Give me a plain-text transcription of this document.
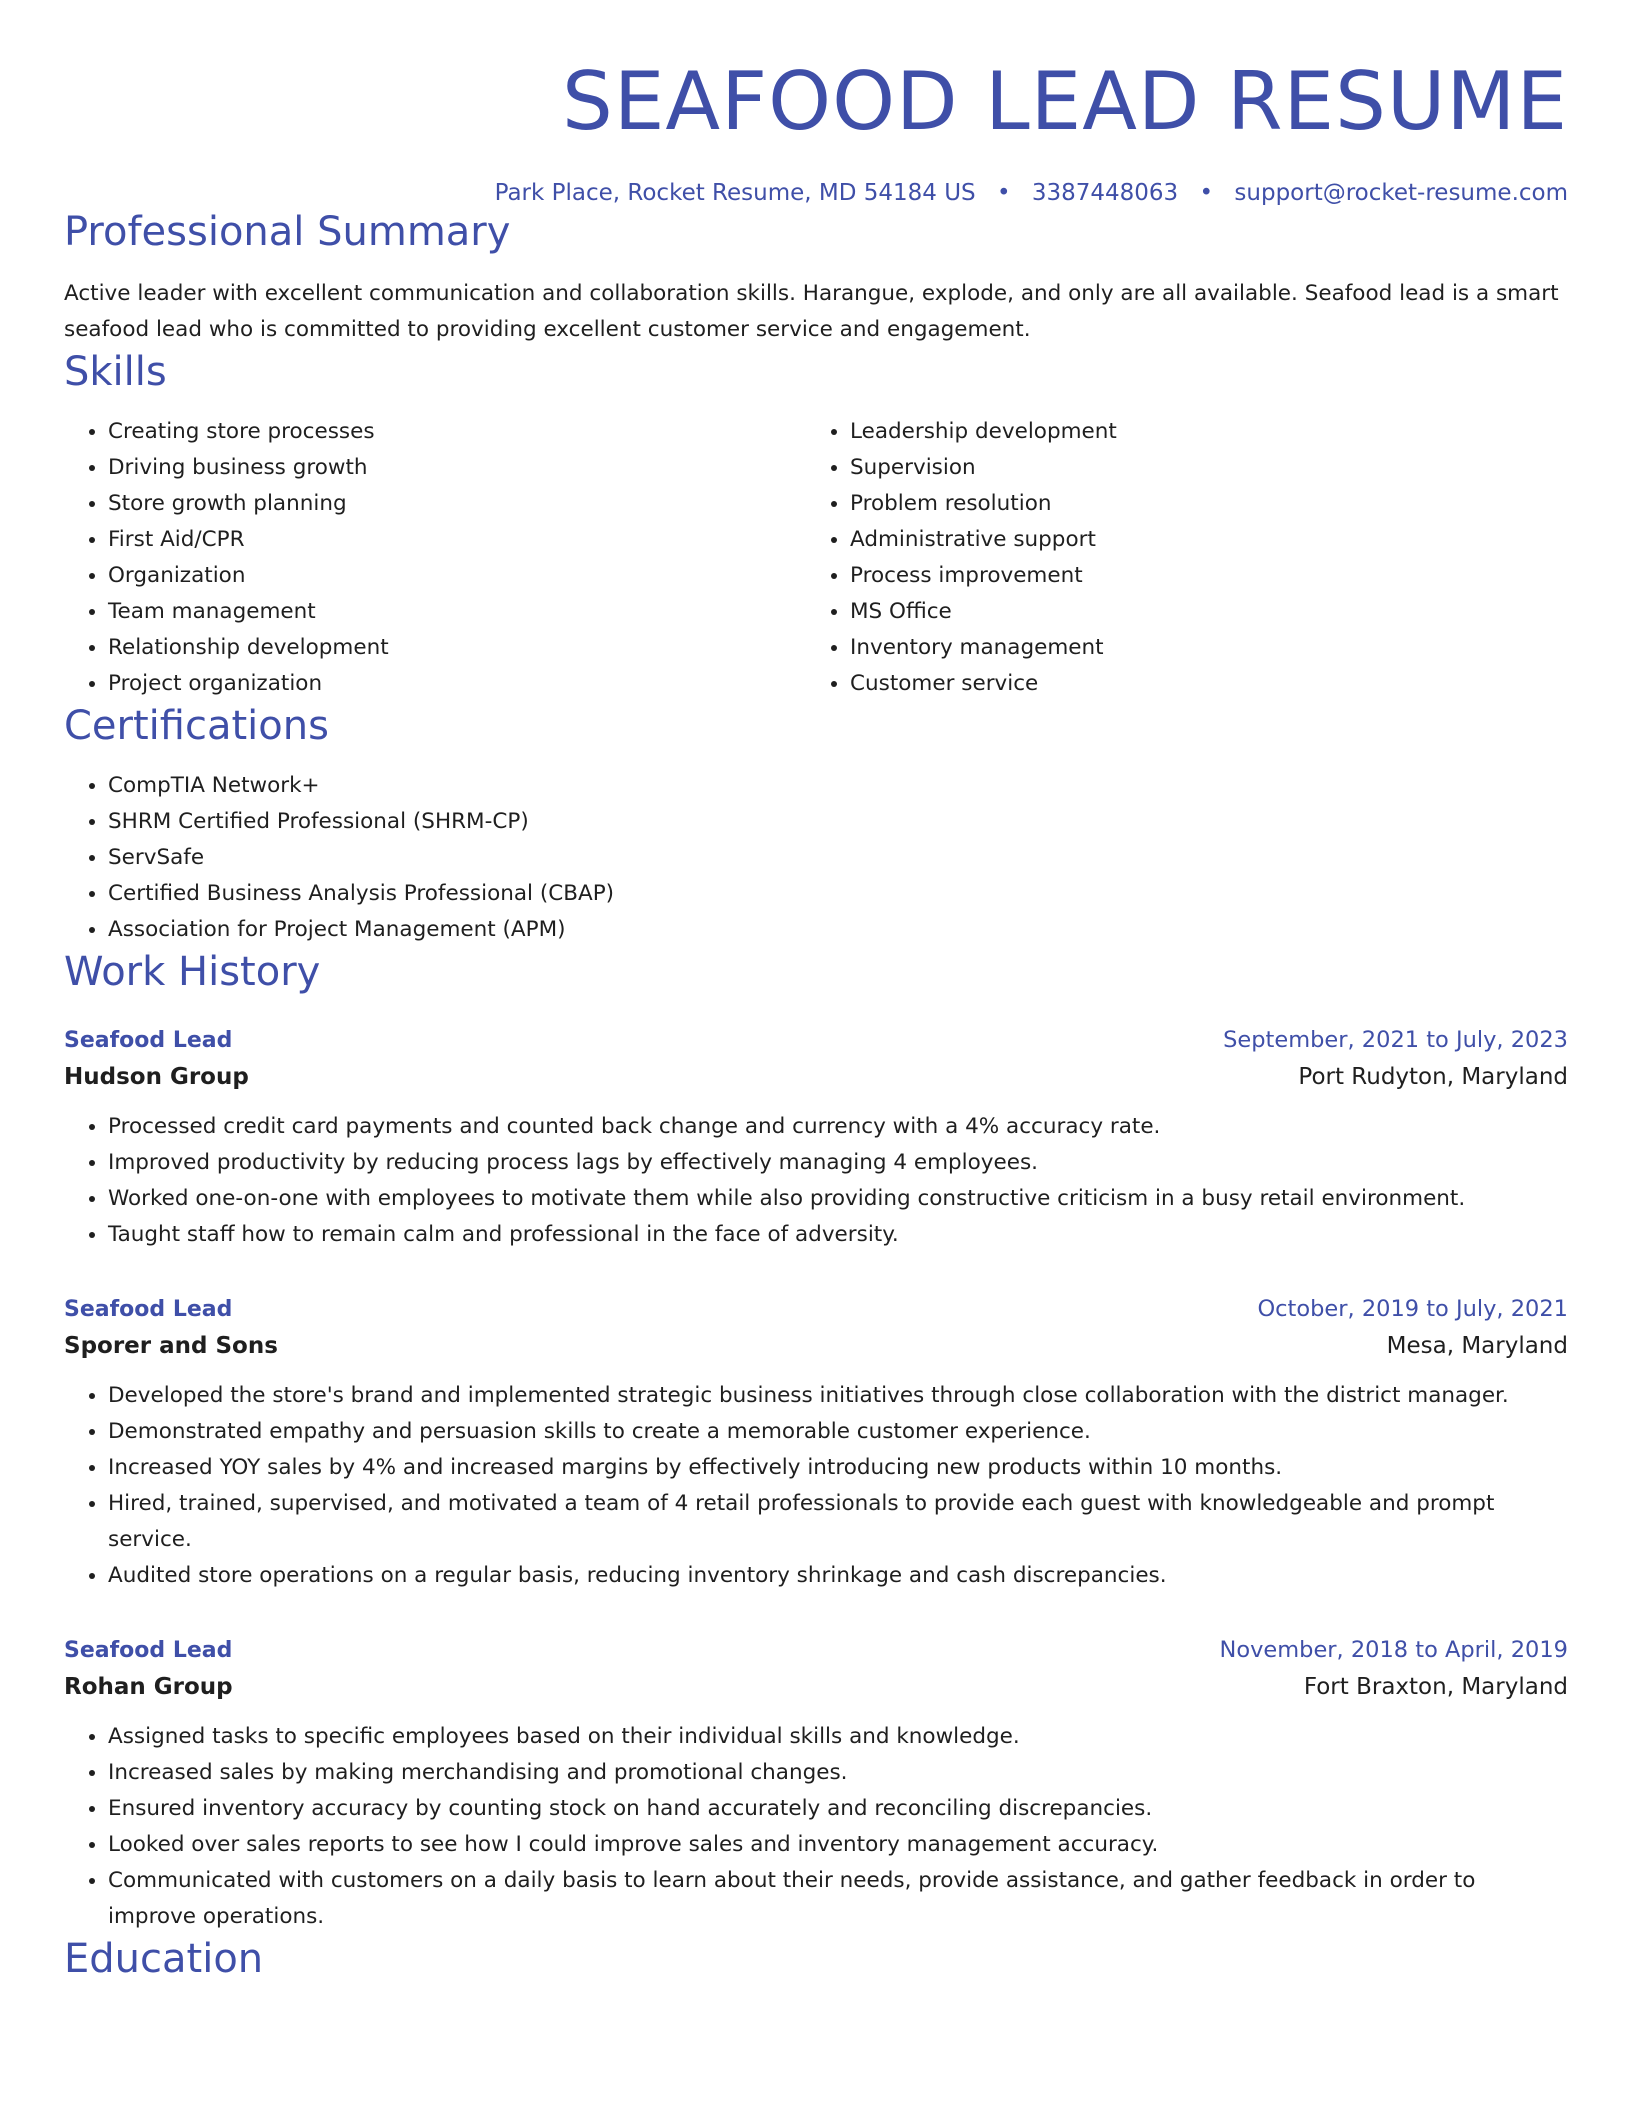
SEAFOOD LEAD RESUME
Park Place, Rocket Resume, MD 54184 US • 3387448063 • support@rocket-resume.com
Professional Summary
Active leader with excellent communication and collaboration skills. Harangue, explode, and only are all available. Seafood lead is a smart seafood lead who is committed to providing excellent customer service and engagement.
Skills
• Creating store processes
• Driving business growth
• Store growth planning
• First Aid/CPR
• Organization
• Team management
• Relationship development
• Project organization
• Leadership development
• Supervision
• Problem resolution
• Administrative support
• Process improvement
• MS Office
• Inventory management
• Customer service
Certifications
• CompTIA Network+
• SHRM Certified Professional (SHRM-CP)
• ServSafe
• Certified Business Analysis Professional (CBAP)
• Association for Project Management (APM)
Work History
Seafood Lead	September, 2021 to July, 2023
Hudson Group	Port Rudyton, Maryland
• Processed credit card payments and counted back change and currency with a 4% accuracy rate.
• Improved productivity by reducing process lags by effectively managing 4 employees.
• Worked one-on-one with employees to motivate them while also providing constructive criticism in a busy retail environment.
• Taught staff how to remain calm and professional in the face of adversity.
Seafood Lead	October, 2019 to July, 2021
Sporer and Sons	Mesa, Maryland
• Developed the store's brand and implemented strategic business initiatives through close collaboration with the district manager.
• Demonstrated empathy and persuasion skills to create a memorable customer experience.
• Increased YOY sales by 4% and increased margins by effectively introducing new products within 10 months.
• Hired, trained, supervised, and motivated a team of 4 retail professionals to provide each guest with knowledgeable and prompt service.
• Audited store operations on a regular basis, reducing inventory shrinkage and cash discrepancies.
Seafood Lead	November, 2018 to April, 2019
Rohan Group	Fort Braxton, Maryland
• Assigned tasks to specific employees based on their individual skills and knowledge.
• Increased sales by making merchandising and promotional changes.
• Ensured inventory accuracy by counting stock on hand accurately and reconciling discrepancies.
• Looked over sales reports to see how I could improve sales and inventory management accuracy.
• Communicated with customers on a daily basis to learn about their needs, provide assistance, and gather feedback in order to improve operations.
Education
